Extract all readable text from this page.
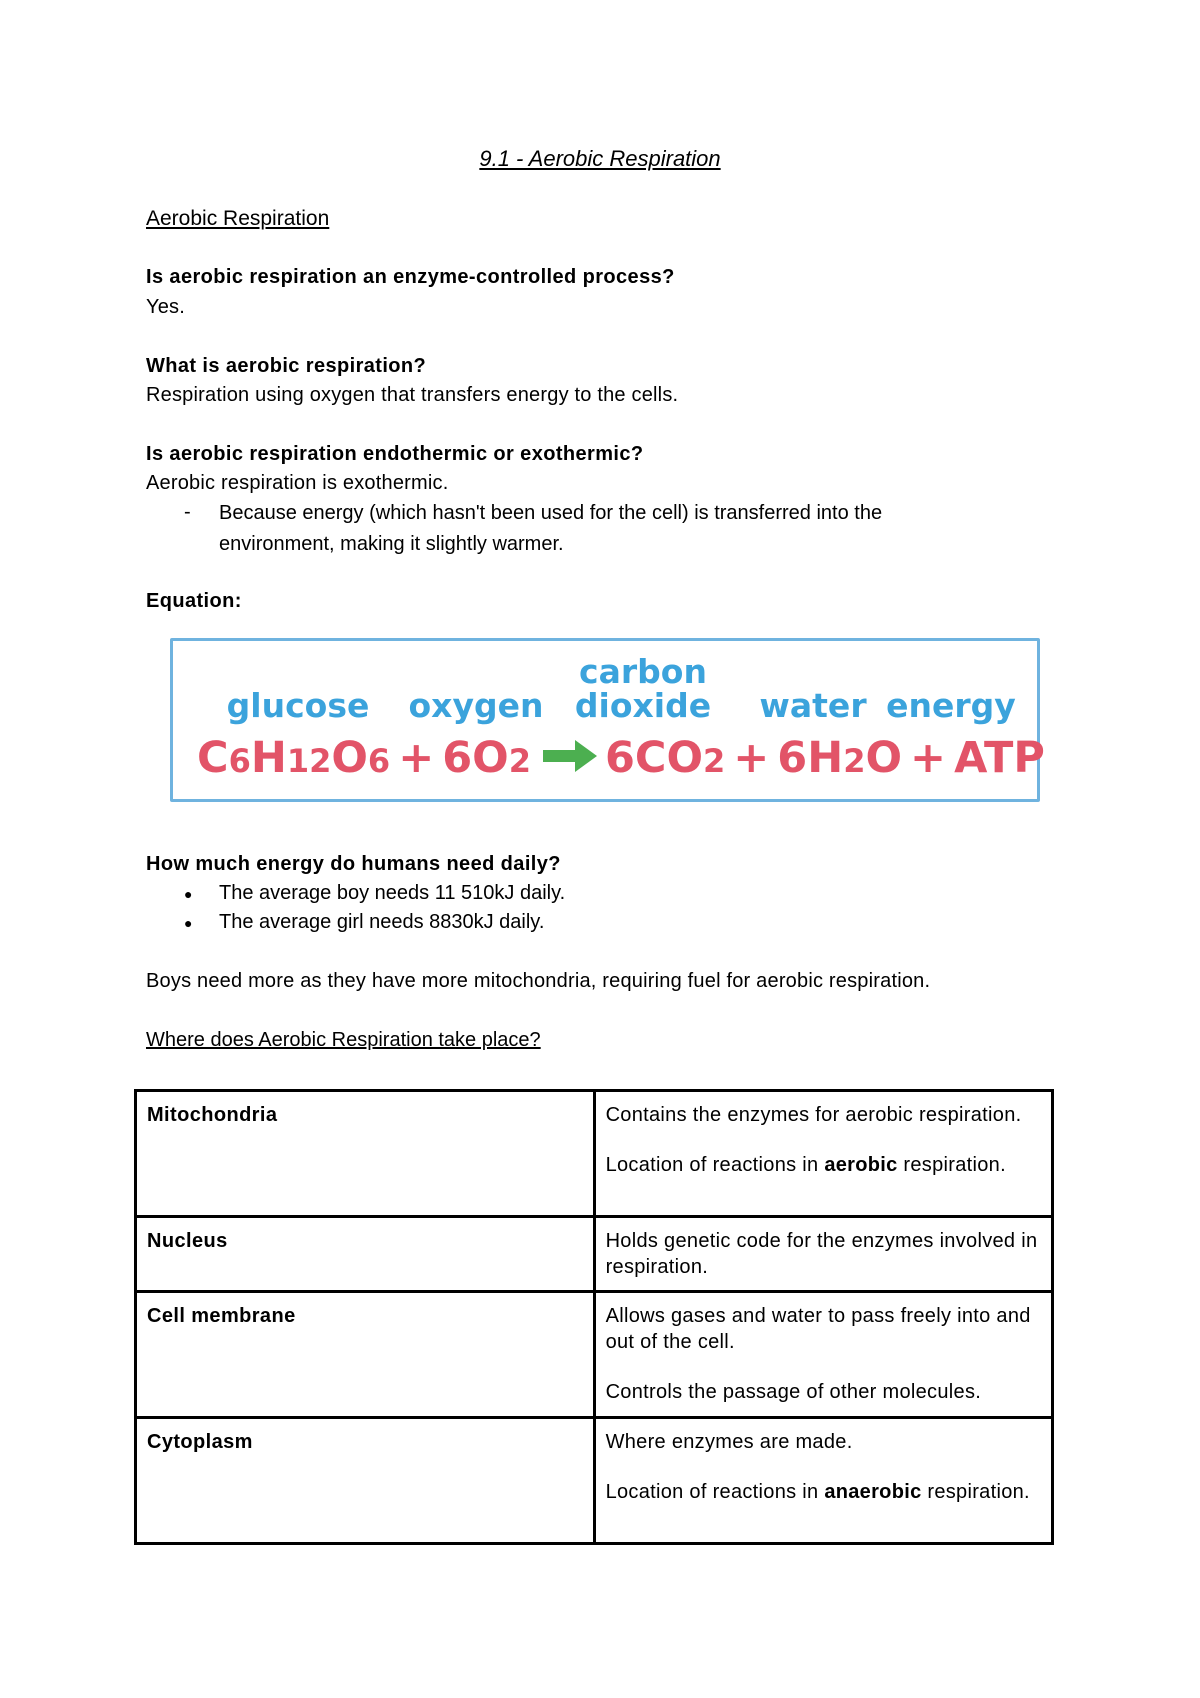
9.1 - Aerobic Respiration
Aerobic Respiration
Is aerobic respiration an enzyme-controlled process?
Yes.
What is aerobic respiration?
Respiration using oxygen that transfers energy to the cells.
Is aerobic respiration endothermic or exothermic?
Aerobic respiration is exothermic.
- Because energy (which hasn't been used for the cell) is transferred into the environment, making it slightly warmer.
Equation:
glucose oxygen
carbon
dioxide water energy
C6H12O6 + 6O2 6CO2 + 6H2O + ATP
How much energy do humans need daily?
● The average boy needs 11 510kJ daily.
● The average girl needs 8830kJ daily.
Boys need more as they have more mitochondria, requiring fuel for aerobic respiration.
Where does Aerobic Respiration take place?
Mitochondria	Contains the enzymes for aerobic respiration.
Location of reactions in aerobic respiration.
Nucleus	Holds genetic code for the enzymes involved in respiration.
Cell membrane	Allows gases and water to pass freely into and out of the cell.
Controls the passage of other molecules.
Cytoplasm	Where enzymes are made.
Location of reactions in anaerobic respiration.
